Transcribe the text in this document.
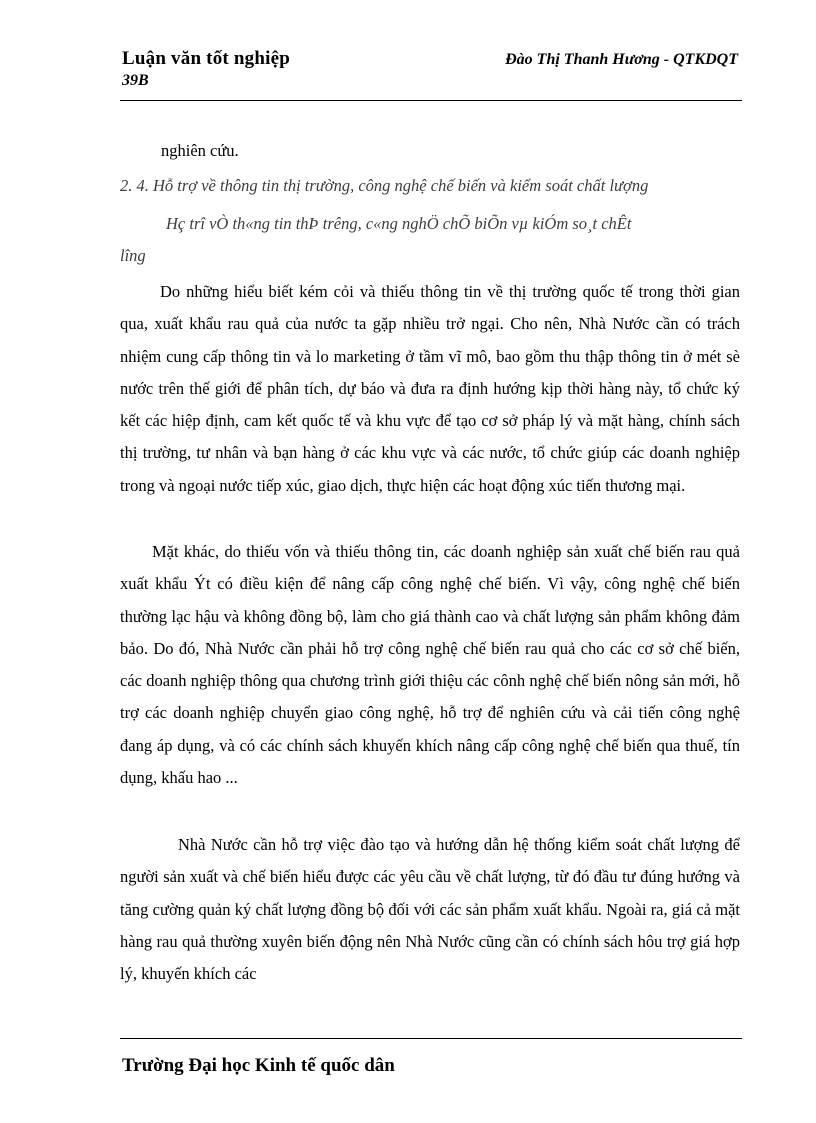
Luận văn tốt nghiệp
39B
Đào Thị Thanh Hương - QTKDQT
nghiên cứu.
2. 4. Hỗ trợ về thông tin thị trường, công nghệ chế biến và kiểm soát chất lượng
Hç trî vÒ th«ng tin thÞ trêng, c«ng nghÖ chÕ biÕn vµ kiÓm so¸t chÊt
lîng

Do những hiểu biết kém cỏi và thiếu thông tin về thị trường quốc tế trong thời gian qua, xuất khẩu rau quả của nước ta gặp nhiều trở ngại. Cho nên, Nhà Nước cần có trách nhiệm cung cấp thông tin và lo marketing ở tầm vĩ mô, bao gồm thu thập thông tin ở mét sè nước trên thế giới để phân tích, dự báo và đưa ra định hướng kịp thời hàng này, tổ chức ký kết các hiệp định, cam kết quốc tế và khu vực để tạo cơ sở pháp lý và mặt hàng, chính sách thị trường, tư nhân và bạn hàng ở các khu vực và các nước, tổ chức giúp các doanh nghiệp trong và ngoại nước tiếp xúc, giao dịch, thực hiện các hoạt động xúc tiến thương mại.

Mặt khác, do thiếu vốn và thiếu thông tin, các doanh nghiệp sản xuất chế biến rau quả xuất khẩu Ýt có điều kiện để nâng cấp công nghệ chế biến. Vì vậy, công nghệ chế biến thường lạc hậu và không đồng bộ, làm cho giá thành cao và chất lượng sản phẩm không đảm bảo. Do đó, Nhà Nước cần phải hỗ trợ công nghệ chế biến rau quả cho các cơ sở chế biến, các doanh nghiệp thông qua chương trình giới thiệu các cônh nghệ chế biến nông sản mới, hỗ trợ các doanh nghiệp chuyển giao công nghệ, hỗ trợ để nghiên cứu và cải tiến công nghệ đang áp dụng, và có các chính sách khuyến khích nâng cấp công nghệ chế biến qua thuế, tín dụng, khấu hao ...

Nhà Nước cần hỗ trợ việc đào tạo và hướng dẫn hệ thống kiểm soát chất lượng để người sản xuất và chế biến hiểu được các yêu cầu về chất lượng, từ đó đầu tư đúng hướng và tăng cường quản ký chất lượng đồng bộ đối với các sản phẩm xuất khẩu. Ngoài ra, giá cả mặt hàng rau quả thường xuyên biến động nên Nhà Nước cũng cần có chính sách hôu trợ giá hợp lý, khuyến khích các

Trường Đại học Kinh tế quốc dân
